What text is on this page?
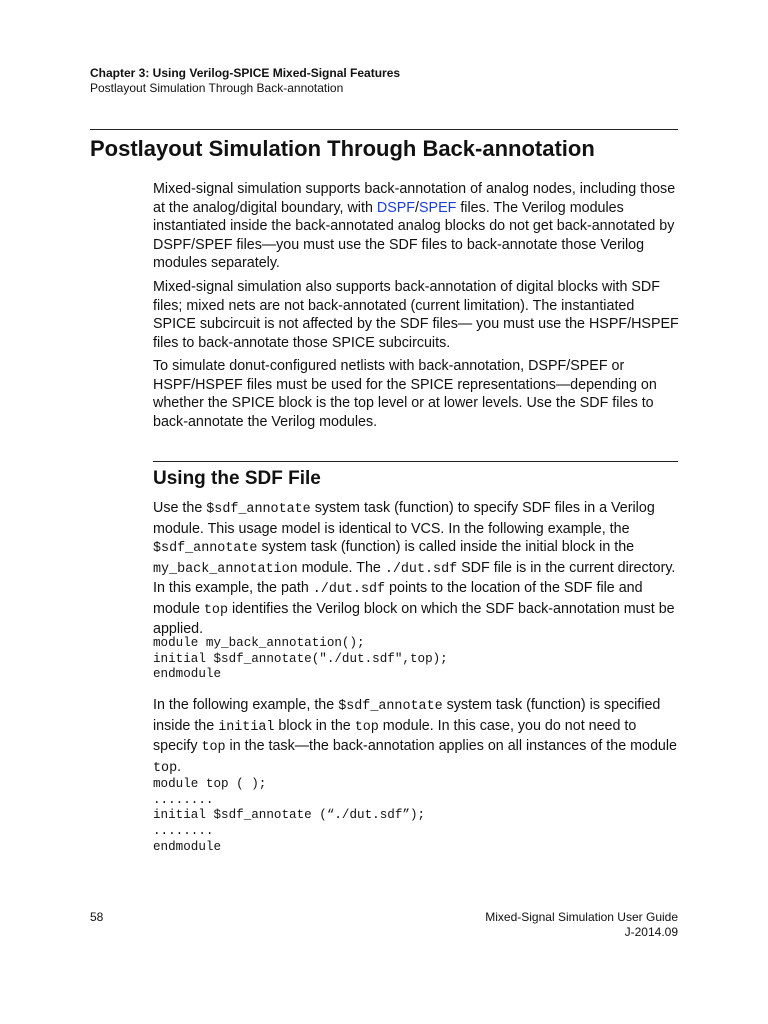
Chapter 3: Using Verilog-SPICE Mixed-Signal Features
Postlayout Simulation Through Back-annotation
Postlayout Simulation Through Back-annotation

Mixed-signal simulation supports back-annotation of analog nodes, including those at the analog/digital boundary, with DSPF/SPEF files. The Verilog modules instantiated inside the back-annotated analog blocks do not get back-annotated by DSPF/SPEF files—you must use the SDF files to back-annotate those Verilog modules separately.

Mixed-signal simulation also supports back-annotation of digital blocks with SDF files; mixed nets are not back-annotated (current limitation). The instantiated SPICE subcircuit is not affected by the SDF files— you must use the HSPF/HSPEF files to back-annotate those SPICE subcircuits.

To simulate donut-configured netlists with back-annotation, DSPF/SPEF or HSPF/HSPEF files must be used for the SPICE representations—depending on whether the SPICE block is the top level or at lower levels. Use the SDF files to back-annotate the Verilog modules.

Using the SDF File

Use the $sdf_annotate system task (function) to specify SDF files in a Verilog module. This usage model is identical to VCS. In the following example, the $sdf_annotate system task (function) is called inside the initial block in the my_back_annotation module. The ./dut.sdf SDF file is in the current directory. In this example, the path ./dut.sdf points to the location of the SDF file and module top identifies the Verilog block on which the SDF back-annotation must be applied.

module my_back_annotation();
initial $sdf_annotate("./dut.sdf",top);
endmodule

In the following example, the $sdf_annotate system task (function) is specified inside the initial block in the top module. In this case, you do not need to specify top in the task—the back-annotation applies on all instances of the module top.

module top ( );
........
initial $sdf_annotate (“./dut.sdf”);
........
endmodule
58	Mixed-Signal Simulation User Guide
J-2014.09
